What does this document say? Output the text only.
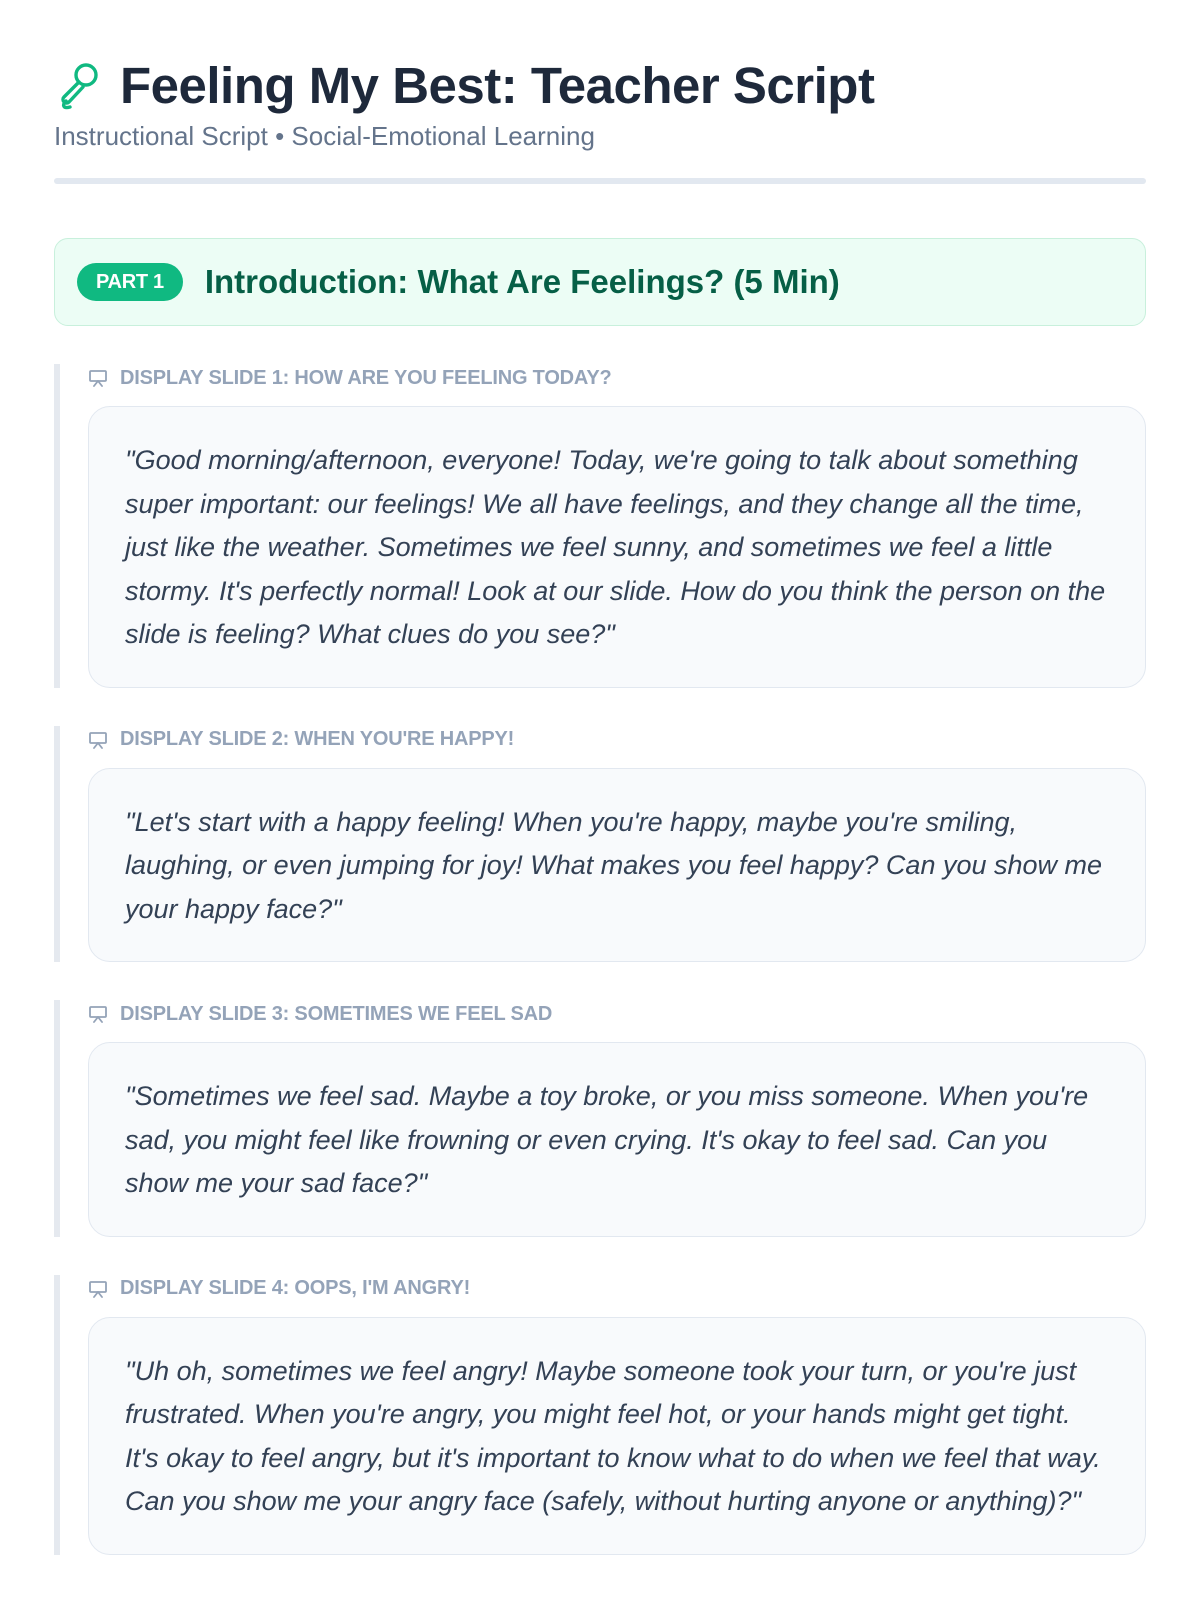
Feeling My Best: Teacher Script
Instructional Script • Social-Emotional Learning
PART 1	Introduction: What Are Feelings? (5 Min)
DISPLAY SLIDE 1: HOW ARE YOU FEELING TODAY?
"Good morning/afternoon, everyone! Today, we're going to talk about something super important: our feelings! We all have feelings, and they change all the time, just like the weather. Sometimes we feel sunny, and sometimes we feel a little stormy. It's perfectly normal! Look at our slide. How do you think the person on the slide is feeling? What clues do you see?"
DISPLAY SLIDE 2: WHEN YOU'RE HAPPY!
"Let's start with a happy feeling! When you're happy, maybe you're smiling, laughing, or even jumping for joy! What makes you feel happy? Can you show me your happy face?"
DISPLAY SLIDE 3: SOMETIMES WE FEEL SAD
"Sometimes we feel sad. Maybe a toy broke, or you miss someone. When you're sad, you might feel like frowning or even crying. It's okay to feel sad. Can you show me your sad face?"
DISPLAY SLIDE 4: OOPS, I'M ANGRY!
"Uh oh, sometimes we feel angry! Maybe someone took your turn, or you're just frustrated. When you're angry, you might feel hot, or your hands might get tight. It's okay to feel angry, but it's important to know what to do when we feel that way. Can you show me your angry face (safely, without hurting anyone or anything)?"
